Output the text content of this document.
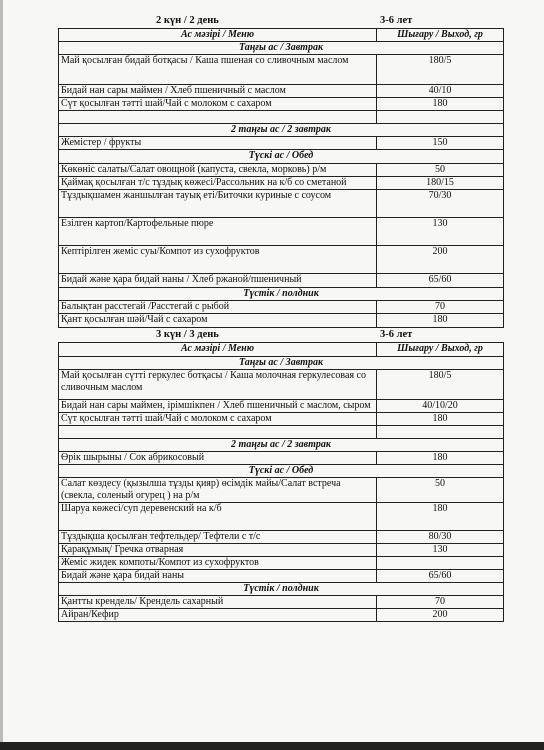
2 күн / 2 день	3-6 лет
Ас мәзірі / Меню	Шығару / Выход, гр
Таңғы ас / Завтрак	
Май қосылған бидай ботқасы / Каша пшеная со сливочным маслом	180/5
Бидай нан сары маймен / Хлеб пшеничный с маслом	40/10
Сүт қосылған тәтті шай/Чай с молоком с сахаром	180

2 таңғы ас / 2 завтрак	
Жемістер / фрукты	150
Түскі ас / Обед	
Көкөніс салаты/Салат овощной (капуста, свекла, морковь) р/м	50
Қаймақ қосылған т/с тұздық көжесі/Рассольник на к/б со сметаной	180/15
Тұздықшамен жаншылған тауық еті/Биточки куриные с соусом	70/30
Езілген картоп/Картофельные пюре	130
Кептірілген жеміс суы/Компот из сухофруктов	200
Бидай және қара бидай наны / Хлеб ржаной/пшеничный	65/60
Түстік / полдник	
Балықтан расстегай /Расстегай с рыбой	70
Қант қосылған шәй/Чай с сахаром	180
3 күн / 3 день	3-6 лет
Ас мәзірі / Меню	Шығару / Выход, гр
Таңғы ас / Завтрак	
Май қосылған сүтті геркулес ботқасы / Каша молочная геркулесовая со сливочным маслом	180/5
Бидай нан сары маймен, ірімшікпен / Хлеб пшеничный с маслом, сыром	40/10/20
Сүт қосылған тәтті шай/Чай с молоком с сахаром	180

2 таңғы ас / 2 завтрак	
Өрік шырыны / Сок абрикосовый	180
Түскі ас / Обед	
Салат көздесу (қызылша тұзды қияр) өсімдік майы/Салат встреча (свекла, соленый огурец ) на р/м	50
Шаруа көжесі/суп деревенский на к/б	180
Тұздықша қосылған тефтельдер/ Тефтели с т/с	80/30
Қарақұмық/ Гречка отварная	130
Жеміс жидек компоты/Компот из сухофруктов	
Бидай және қара бидай наны	65/60
Түстік / полдник	
Қантты крендель/ Крендель сахарный	70
Айран/Кефир	200
